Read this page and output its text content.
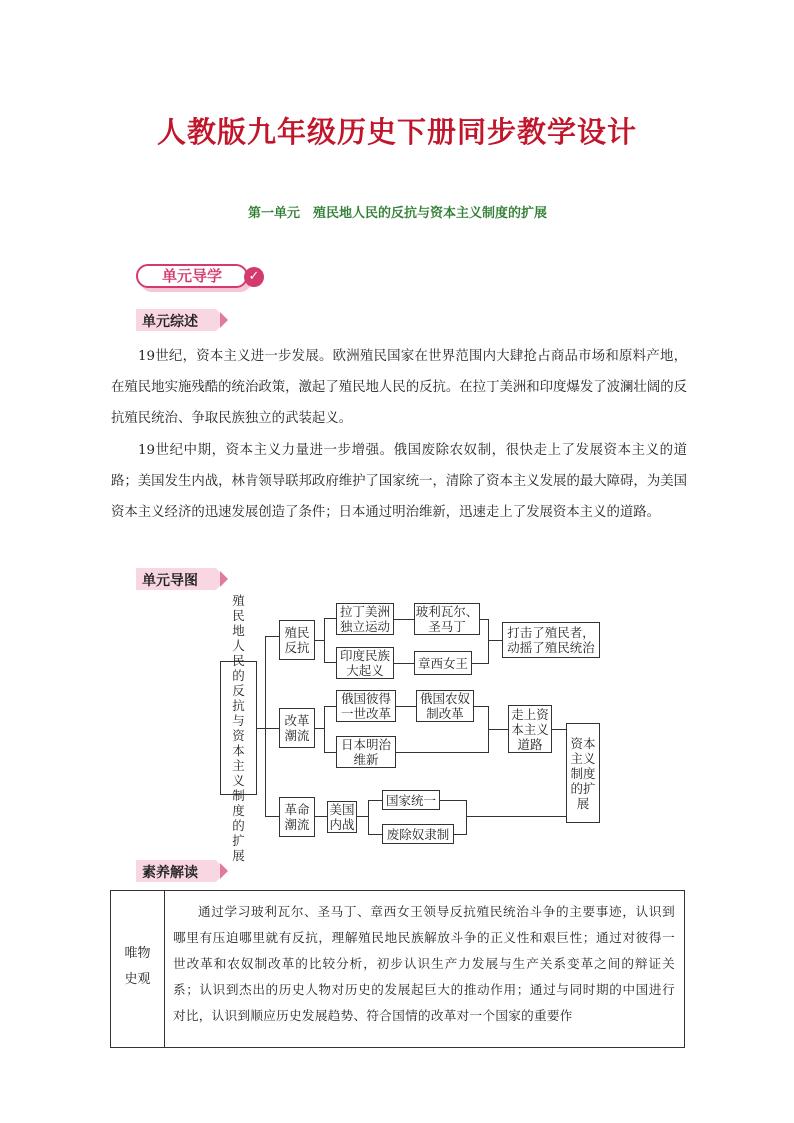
人教版九年级历史下册同步教学设计
第一单元　殖民地人民的反抗与资本主义制度的扩展
单元导学	✓
单元综述
19世纪，资本主义进一步发展。欧洲殖民国家在世界范围内大肆抢占商品市场和原料产地，在殖民地实施残酷的统治政策，激起了殖民地人民的反抗。在拉丁美洲和印度爆发了波澜壮阔的反抗殖民统治、争取民族独立的武装起义。
19世纪中期，资本主义力量进一步增强。俄国废除农奴制，很快走上了发展资本主义的道路；美国发生内战，林肯领导联邦政府维护了国家统一，清除了资本主义发展的最大障碍，为美国资本主义经济的迅速发展创造了条件；日本通过明治维新，迅速走上了发展资本主义的道路。
单元导图
殖民地人民的反抗与资本主义制度的扩展
殖民反抗
改革潮流
革命潮流
拉丁美洲独立运动
印度民族大起义
玻利瓦尔、圣马丁
章西女王
打击了殖民者，动摇了殖民统治
俄国彼得一世改革
日本明治维新
俄国农奴制改革	走上资本主义道路	资本主义制度的扩展
美国内战
国家统一
废除奴隶制
素养解读
唯物
史观
通过学习玻利瓦尔、圣马丁、章西女王领导反抗殖民统治斗争的主要事迹，认识到哪里有压迫哪里就有反抗，理解殖民地民族解放斗争的正义性和艰巨性；通过对彼得一世改革和农奴制改革的比较分析，初步认识生产力发展与生产关系变革之间的辩证关系；认识到杰出的历史人物对历史的发展起巨大的推动作用；通过与同时期的中国进行对比，认识到顺应历史发展趋势、符合国情的改革对一个国家的重要作
